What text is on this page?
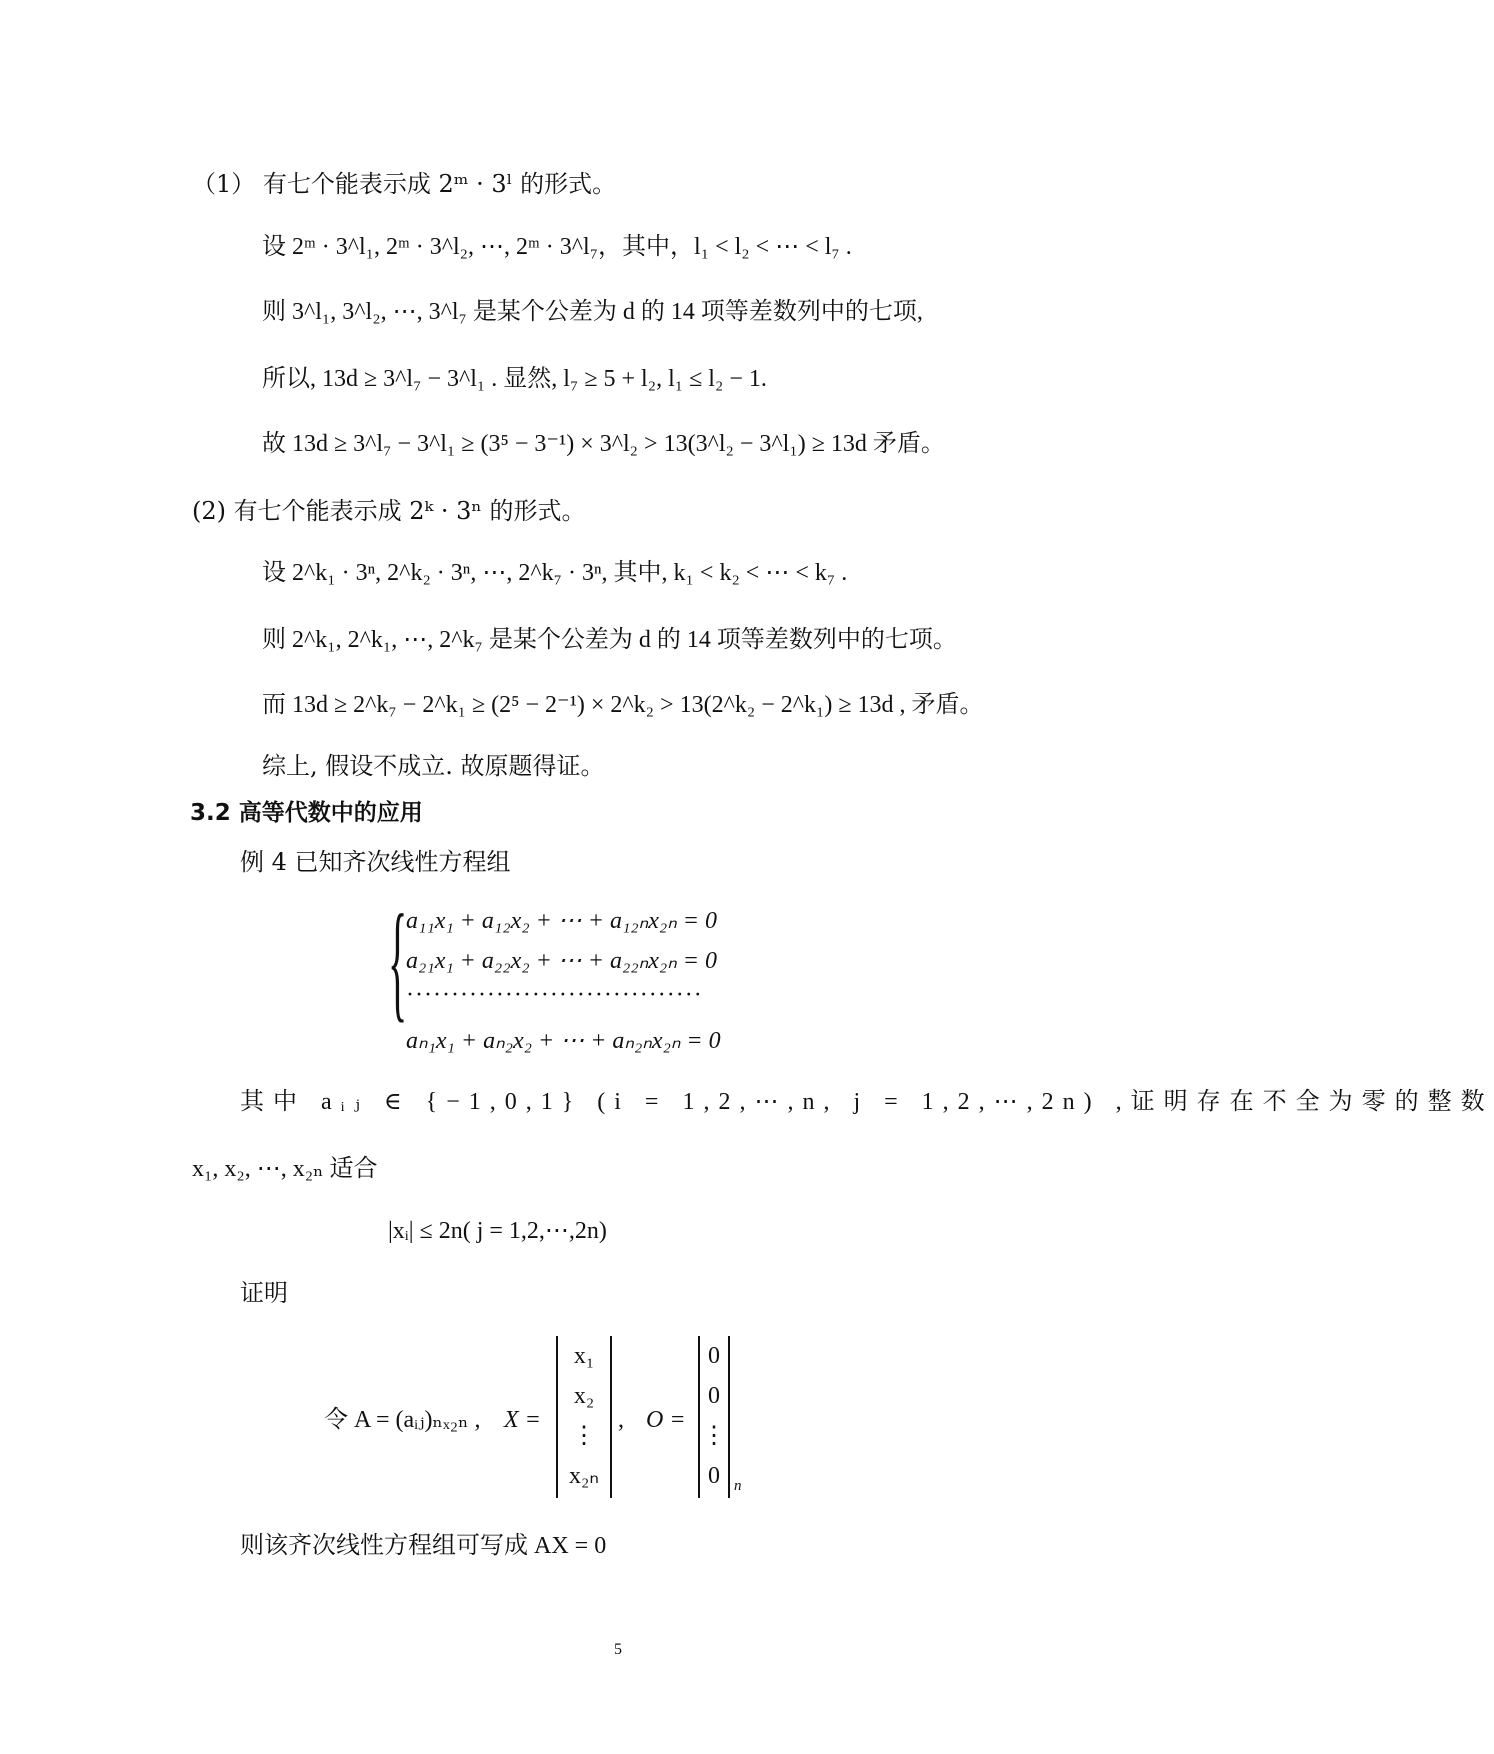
（1） 有七个能表示成 2ᵐ · 3ˡ 的形式。
设 2ᵐ · 3^l₁, 2ᵐ · 3^l₂, ⋯, 2ᵐ · 3^l₇，其中，l₁ < l₂ < ⋯ < l₇ .
则 3^l₁, 3^l₂, ⋯, 3^l₇ 是某个公差为 d 的 14 项等差数列中的七项,
所以, 13d ≥ 3^l₇ − 3^l₁ . 显然, l₇ ≥ 5 + l₂, l₁ ≤ l₂ − 1.
故 13d ≥ 3^l₇ − 3^l₁ ≥ (3⁵ − 3⁻¹) × 3^l₂ > 13(3^l₂ − 3^l₁) ≥ 13d 矛盾。
(2) 有七个能表示成 2ᵏ · 3ⁿ 的形式。
设 2^k₁ · 3ⁿ, 2^k₂ · 3ⁿ, ⋯, 2^k₇ · 3ⁿ, 其中, k₁ < k₂ < ⋯ < k₇ .
则 2^k₁, 2^k₁, ⋯, 2^k₇ 是某个公差为 d 的 14 项等差数列中的七项。
而 13d ≥ 2^k₇ − 2^k₁ ≥ (2⁵ − 2⁻¹) × 2^k₂ > 13(2^k₂ − 2^k₁) ≥ 13d , 矛盾。
综上, 假设不成立. 故原题得证。
3.2 高等代数中的应用
例 4 已知齐次线性方程组
{
a₁₁x₁ + a₁₂x₂ + ⋯ + a₁₂ₙx₂ₙ = 0
a₂₁x₁ + a₂₂x₂ + ⋯ + a₂₂ₙx₂ₙ = 0
·································
aₙ₁x₁ + aₙ₂x₂ + ⋯ + aₙ₂ₙx₂ₙ = 0
其中 aᵢⱼ ∈ {−1,0,1} (i = 1,2,⋯,n, j = 1,2,⋯,2n) ,证明存在不全为零的整数
x₁, x₂, ⋯, x₂ₙ 适合
|xᵢ| ≤ 2n( j = 1,2,⋯,2n)
证明
令 A = (aᵢⱼ)ₙₓ₂ₙ , X =
x₁
x₂
⋮
x₂ₙ
, O =
0
0
⋮
0 n
则该齐次线性方程组可写成 AX = 0
5
